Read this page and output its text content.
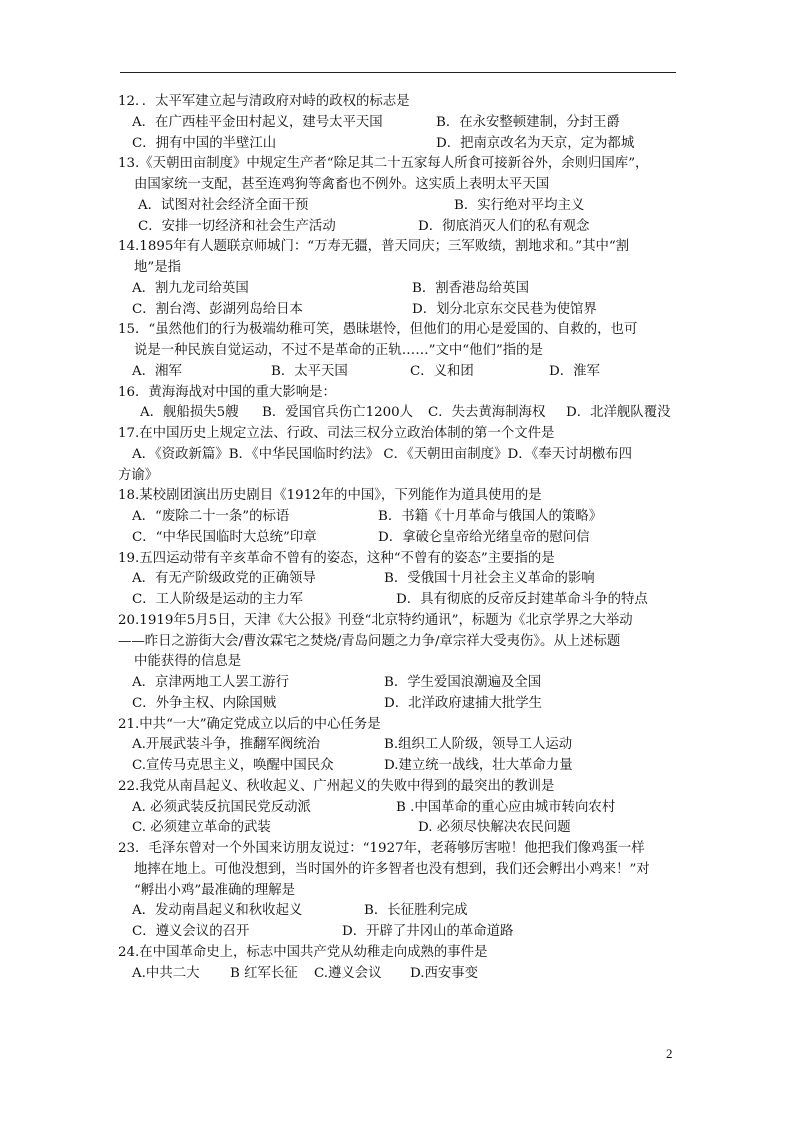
12．．太平军建立起与清政府对峙的政权的标志是
A．在广西桂平金田村起义，建号太平天国	B．在永安整顿建制，分封王爵
C．拥有中国的半壁江山	D．把南京改名为天京，定为都城
13.《天朝田亩制度》中规定生产者“除足其二十五家每人所食可接新谷外，余则归国库”，
由国家统一支配，甚至连鸡狗等禽畜也不例外。这实质上表明太平天国
A．试图对社会经济全面干预	B．实行绝对平均主义
C．安排一切经济和社会生产活动	D．彻底消灭人们的私有观念
14.1895年有人题联京师城门：“万寿无疆，普天同庆；三军败绩，割地求和。”其中“割
地”是指
A．割九龙司给英国	B．割香港岛给英国
C．割台湾、彭湖列岛给日本	D．划分北京东交民巷为使馆界
15．“虽然他们的行为极端幼稚可笑，愚昧堪怜，但他们的用心是爱国的、自救的，也可
说是一种民族自觉运动，不过不是革命的正轨……”文中“他们”指的是
A．湘军	B．太平天国	C．义和团	D．淮军
16．黄海海战对中国的重大影响是：
A．舰船损失5艘	B．爱国官兵伤亡1200人 C．失去黄海制海权	D．北洋舰队覆没
17.在中国历史上规定立法、行政、司法三权分立政治体制的第一个文件是
A．《资政新篇》B．《中华民国临时约法》 C．《天朝田亩制度》D．《奉天讨胡檄布四
方谕》
18.某校剧团演出历史剧目《1912年的中国》，下列能作为道具使用的是
A．“废除二十一条”的标语	B．书籍《十月革命与俄国人的策略》
C．“中华民国临时大总统”印章	D．拿破仑皇帝给光绪皇帝的慰问信
19.五四运动带有辛亥革命不曾有的姿态，这种“不曾有的姿态”主要指的是
A．有无产阶级政党的正确领导	B．受俄国十月社会主义革命的影响
C．工人阶级是运动的主力军	D．具有彻底的反帝反封建革命斗争的特点
20.1919年5月5日，天津《大公报》刊登“北京特约通讯”，标题为《北京学界之大举动
——昨日之游街大会/曹汝霖宅之焚烧/青岛问题之力争/章宗祥大受夷伤》。从上述标题
中能获得的信息是
A．京津两地工人罢工游行	B．学生爱国浪潮遍及全国
C．外争主权、内除国贼	D．北洋政府逮捕大批学生
21.中共“一大”确定党成立以后的中心任务是
A.开展武装斗争，推翻军阀统治	B.组织工人阶级，领导工人运动
C.宣传马克思主义，唤醒中国民众	D.建立统一战线，壮大革命力量
22.我党从南昌起义、秋收起义、广州起义的失败中得到的最突出的教训是
A. 必须武装反抗国民党反动派	B .中国革命的重心应由城市转向农村
C. 必须建立革命的武装	D. 必须尽快解决农民问题
23．毛泽东曾对一个外国来访朋友说过：“1927年，老蒋够厉害啦！他把我们像鸡蛋一样
地摔在地上。可他没想到，当时国外的许多智者也没有想到，我们还会孵出小鸡来！”对
“孵出小鸡”最准确的理解是
A．发动南昌起义和秋收起义	B．长征胜利完成
C．遵义会议的召开	D．开辟了井冈山的革命道路
24.在中国革命史上，标志中国共产党从幼稚走向成熟的事件是
A.中共二大	B 红军长征	C.遵义会议	D.西安事变
2
